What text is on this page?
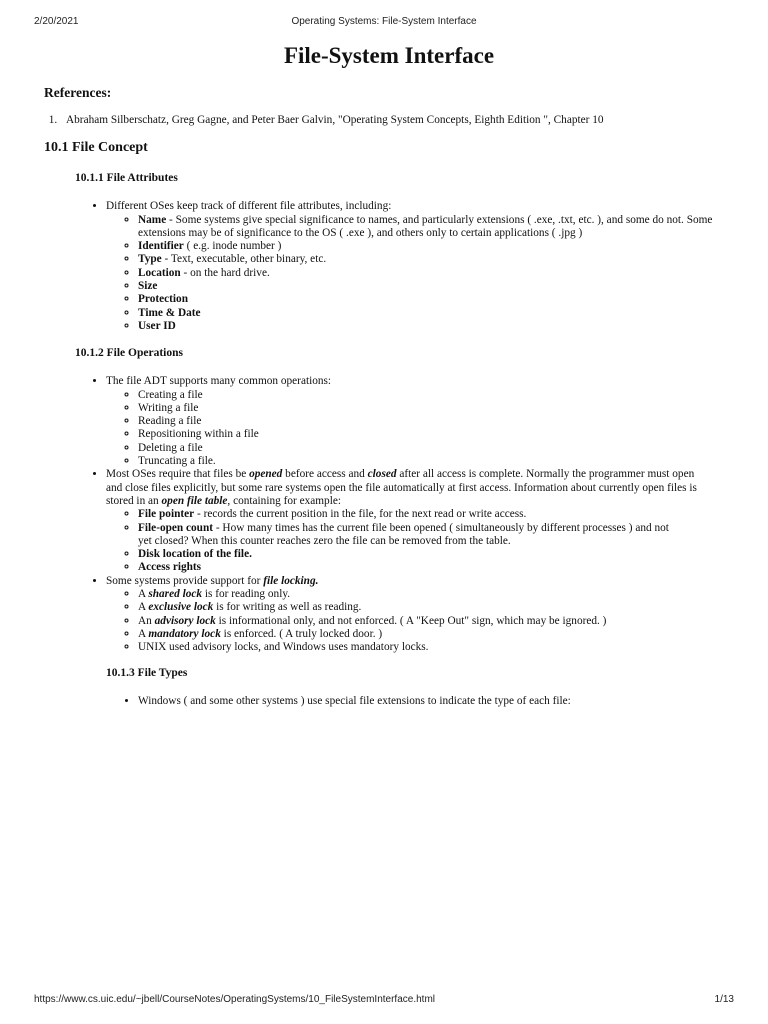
2/20/2021	Operating Systems: File-System Interface
File-System Interface
References:
1. Abraham Silberschatz, Greg Gagne, and Peter Baer Galvin, "Operating System Concepts, Eighth Edition ", Chapter 10
10.1 File Concept
10.1.1 File Attributes
• Different OSes keep track of different file attributes, including:
◦ Name - Some systems give special significance to names, and particularly extensions ( .exe, .txt, etc. ), and some do not. Some extensions may be of significance to the OS ( .exe ), and others only to certain applications ( .jpg )
◦ Identifier ( e.g. inode number )
◦ Type - Text, executable, other binary, etc.
◦ Location - on the hard drive.
◦ Size
◦ Protection
◦ Time & Date
◦ User ID
10.1.2 File Operations
• The file ADT supports many common operations:
◦ Creating a file
◦ Writing a file
◦ Reading a file
◦ Repositioning within a file
◦ Deleting a file
◦ Truncating a file.
• Most OSes require that files be opened before access and closed after all access is complete. Normally the programmer must open and close files explicitly, but some rare systems open the file automatically at first access. Information about currently open files is stored in an open file table, containing for example:
◦ File pointer - records the current position in the file, for the next read or write access.
◦ File-open count - How many times has the current file been opened ( simultaneously by different processes ) and not yet closed? When this counter reaches zero the file can be removed from the table.
◦ Disk location of the file.
◦ Access rights
• Some systems provide support for file locking.
◦ A shared lock is for reading only.
◦ A exclusive lock is for writing as well as reading.
◦ An advisory lock is informational only, and not enforced. ( A "Keep Out" sign, which may be ignored. )
◦ A mandatory lock is enforced. ( A truly locked door. )
◦ UNIX used advisory locks, and Windows uses mandatory locks.
10.1.3 File Types
• Windows ( and some other systems ) use special file extensions to indicate the type of each file:
https://www.cs.uic.edu/~jbell/CourseNotes/OperatingSystems/10_FileSystemInterface.html	1/13
